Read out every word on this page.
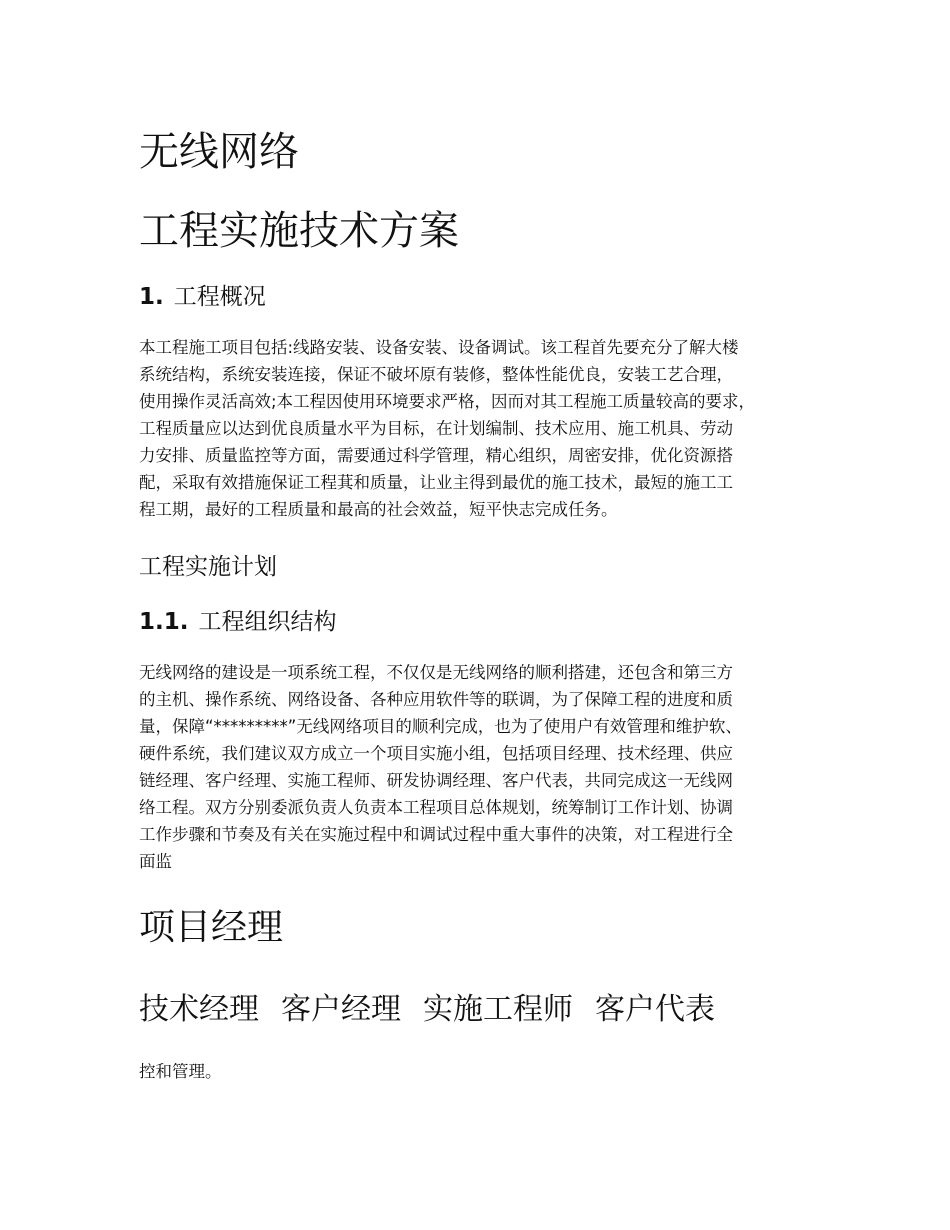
无线网络
工程实施技术方案
1. 工程概况
本工程施工项目包括:线路安装、设备安装、设备调试。该工程首先要充分了解大楼
系统结构，系统安装连接，保证不破坏原有装修，整体性能优良，安装工艺合理，
使用操作灵活高效;本工程因使用环境要求严格，因而对其工程施工质量较高的要求，
工程质量应以达到优良质量水平为目标，在计划编制、技术应用、施工机具、劳动
力安排、质量监控等方面，需要通过科学管理，精心组织，周密安排，优化资源搭
配，采取有效措施保证工程萁和质量，让业主得到最优的施工技术，最短的施工工
程工期，最好的工程质量和最高的社会效益，短平快志完成任务。
工程实施计划
1.1. 工程组织结构
无线网络的建设是一项系统工程，不仅仅是无线网络的顺利搭建，还包含和第三方
的主机、操作系统、网络设备、各种应用软件等的联调，为了保障工程的进度和质
量，保障“*********”无线网络项目的顺利完成，也为了使用户有效管理和维护软、
硬件系统，我们建议双方成立一个项目实施小组，包括项目经理、技术经理、供应
链经理、客户经理、实施工程师、研发协调经理、客户代表，共同完成这一无线网
络工程。双方分别委派负责人负责本工程项目总体规划，统筹制订工作计划、协调
工作步骤和节奏及有关在实施过程中和调试过程中重大事件的决策，对工程进行全
面监
项目经理
技术经理 客户经理 实施工程师 客户代表

控和管理。
